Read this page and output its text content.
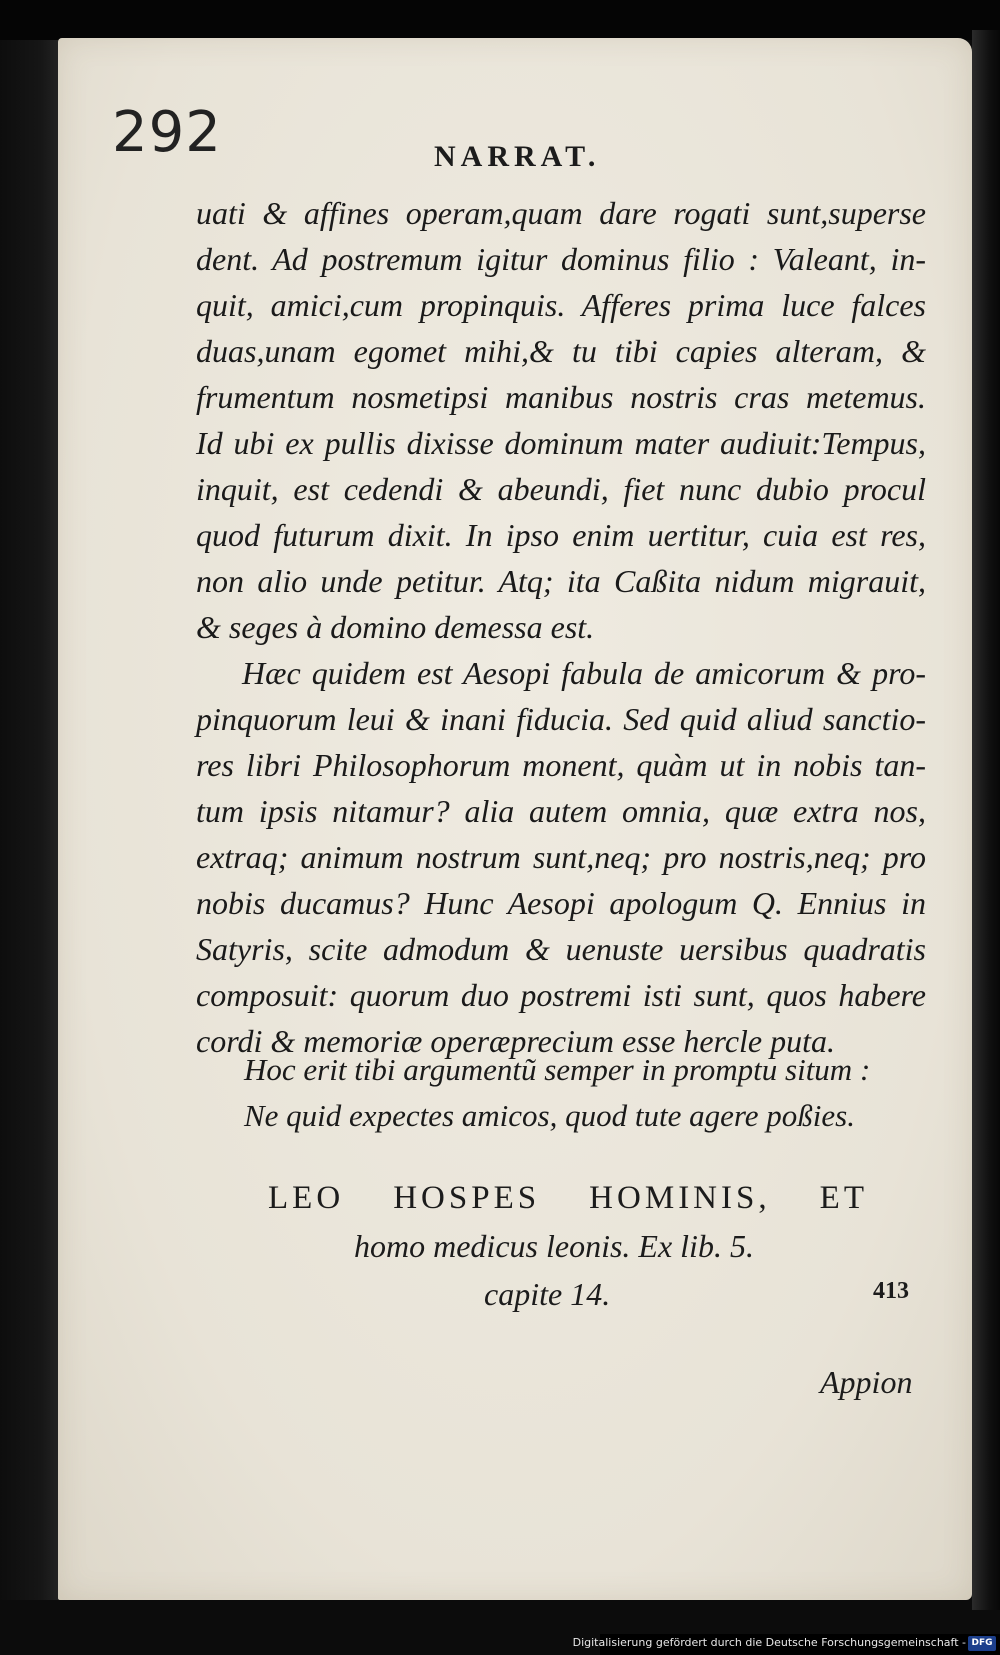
292	NARRAT.
uati & affines operam,quam dare rogati sunt,superse
dent. Ad postremum igitur dominus filio : Valeant, in-
quit, amici,cum propinquis. Afferes prima luce falces
duas,unam egomet mihi,& tu tibi capies alteram, &
frumentum nosmetipsi manibus nostris cras metemus.
Id ubi ex pullis dixisse dominum mater audiuit:Tempus,
inquit, est cedendi & abeundi, fiet nunc dubio procul
quod futurum dixit. In ipso enim uertitur, cuia est res,
non alio unde petitur. Atq; ita Caßita nidum migrauit,
& seges à domino demessa est.
Hæc quidem est Aesopi fabula de amicorum & pro-
pinquorum leui & inani fiducia. Sed quid aliud sanctio-
res libri Philosophorum monent, quàm ut in nobis tan-
tum ipsis nitamur? alia autem omnia, quæ extra nos,
extraq; animum nostrum sunt,neq; pro nostris,neq; pro
nobis ducamus? Hunc Aesopi apologum Q. Ennius in
Satyris, scite admodum & uenuste uersibus quadratis
composuit: quorum duo postremi isti sunt, quos habere
cordi & memoriæ operæprecium esse hercle puta.
Hoc erit tibi argumentũ semper in promptu situm :
Ne quid expectes amicos, quod tute agere poßies.
LEO HOSPES HOMINIS, ET
homo medicus leonis. Ex lib. 5.
capite 14.	413
Appion
Digitalisierung gefördert durch die Deutsche Forschungsgemeinschaft - DFG
